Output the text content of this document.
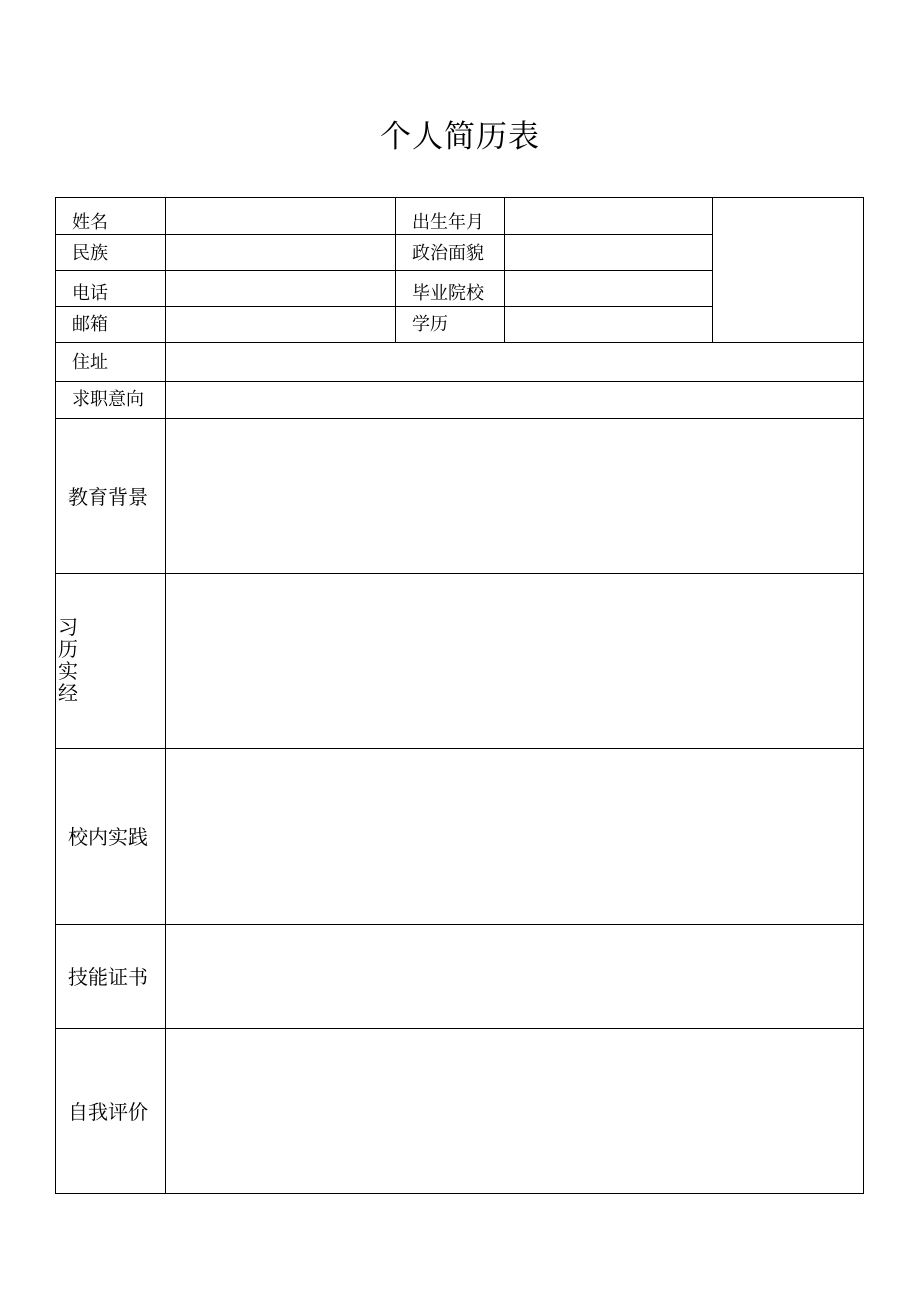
个人简历表
姓名
民族
电话
邮箱
出生年月
政治面貌
毕业院校
学历
住址
求职意向
教育背景
习
历
实
经
校内实践
技能证书
自我评价
